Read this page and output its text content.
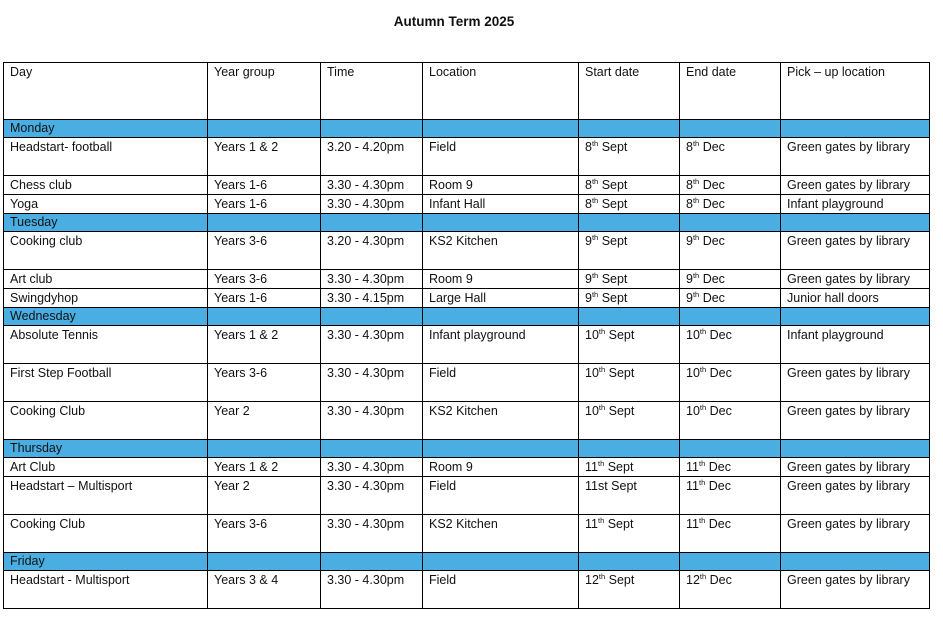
Autumn Term 2025
Day	Year group	Time	Location	Start date	End date	Pick – up location
Monday						
Headstart- football	Years 1 & 2	3.20 - 4.20pm	Field	8th Sept	8th Dec	Green gates by library
Chess club	Years 1-6	3.30 - 4.30pm	Room 9	8th Sept	8th Dec	Green gates by library
Yoga	Years 1-6	3.30 - 4.30pm	Infant Hall	8th Sept	8th Dec	Infant playground
Tuesday						
Cooking club	Years 3-6	3.20 - 4.30pm	KS2 Kitchen	9th Sept	9th Dec	Green gates by library
Art club	Years 3-6	3.30 - 4.30pm	Room 9	9th Sept	9th Dec	Green gates by library
Swingdyhop	Years 1-6	3.30 - 4.15pm	Large Hall	9th Sept	9th Dec	Junior hall doors
Wednesday						
Absolute Tennis	Years 1 & 2	3.30 - 4.30pm	Infant playground	10th Sept	10th Dec	Infant playground
First Step Football	Years 3-6	3.30 - 4.30pm	Field	10th Sept	10th Dec	Green gates by library
Cooking Club	Year 2	3.30 - 4.30pm	KS2 Kitchen	10th Sept	10th Dec	Green gates by library
Thursday						
Art Club	Years 1 & 2	3.30 - 4.30pm	Room 9	11th Sept	11th Dec	Green gates by library
Headstart – Multisport	Year 2	3.30 - 4.30pm	Field	11st Sept	11th Dec	Green gates by library
Cooking Club	Years 3-6	3.30 - 4.30pm	KS2 Kitchen	11th Sept	11th Dec	Green gates by library
Friday						
Headstart - Multisport	Years 3 & 4	3.30 - 4.30pm	Field	12th Sept	12th Dec	Green gates by library
